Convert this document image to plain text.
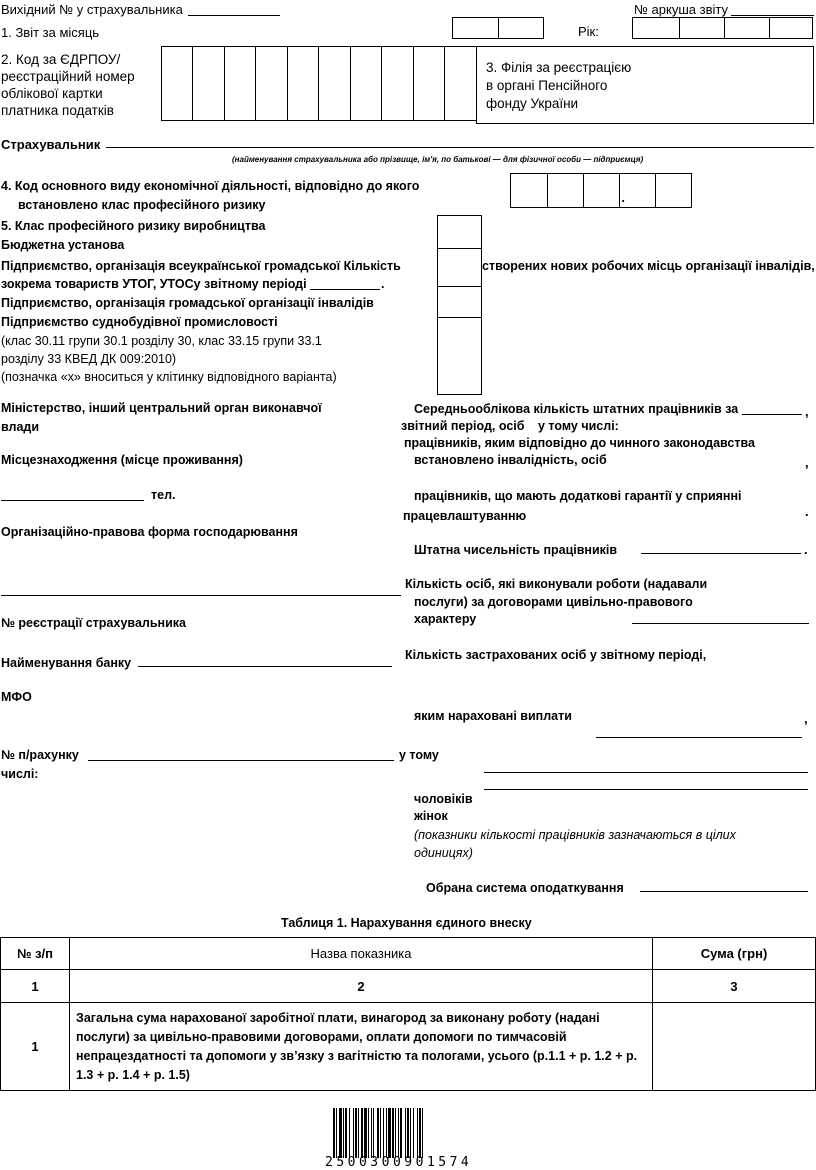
Вихідний № у страхувальника	№ аркуша звіту
1. Звіт за місяць	Рік:
2. Код за ЄДРПОУ/
реєстраційний номер
облікової картки
платника податків
3. Філія за реєстрацією
в органі Пенсійного
фонду України
Страхувальник
(найменування страхувальника або прізвище, ім'я, по батькові — для фізичної особи — підприємця)
4. Код основного виду економічної діяльності, відповідно до якого
встановлено клас професійного ризику	.
5. Клас професійного ризику виробництва
Бюджетна установа
Підприємство, організація всеукраїнської громадської Кількість	створених нових робочих місць організації інвалідів,
зокрема товариств УТОГ, УТОСу звітному періоді	.
Підприємство, організація громадської організації інвалідів
Підприємство суднобудівної промисловості
(клас 30.11 групи 30.1 розділу 30, клас 33.15 групи 33.1
розділу 33 КВЕД ДК 009:2010)
(позначка «х» вноситься у клітинку відповідного варіанта)
Міністерство, інший центральний орган виконавчої
влади
Місцезнаходження (місце проживання)
тел.
Організаційно-правова форма господарювання
№ реєстрації страхувальника
Найменування банку
МФО
№ п/рахунку	у тому
числі:
Середньооблікова кількість штатних працівників за	,
звітний період, осіб у тому числі:
працівників, яким відповідно до чинного законодавства
встановлено інвалідність, осіб	,
працівників, що мають додаткові гарантії у сприянні
працевлаштуванню	.
Штатна чисельність працівників	.
Кількість осіб, які виконували роботи (надавали
послуги) за договорами цивільно-правового
характеру
Кількість застрахованих осіб у звітному періоді,
яким нараховані виплати	,
чоловіків
жінок
(показники кількості працівників зазначаються в цілих
одиницях)
Обрана система оподаткування
Таблиця 1. Нарахування єдиного внеску
№ з/п	Назва показника	Сума (грн)
1	2	3
1	Загальна сума нарахованої заробітної плати, винагород за виконану роботу (надані послуги) за цивільно-правовими договорами, оплати допомоги по тимчасовій непрацездатності та допомоги у зв’язку з вагітністю та пологами, усього (р.1.1 + р. 1.2 + р. 1.3 + р. 1.4 + р. 1.5)	
2500300901574
